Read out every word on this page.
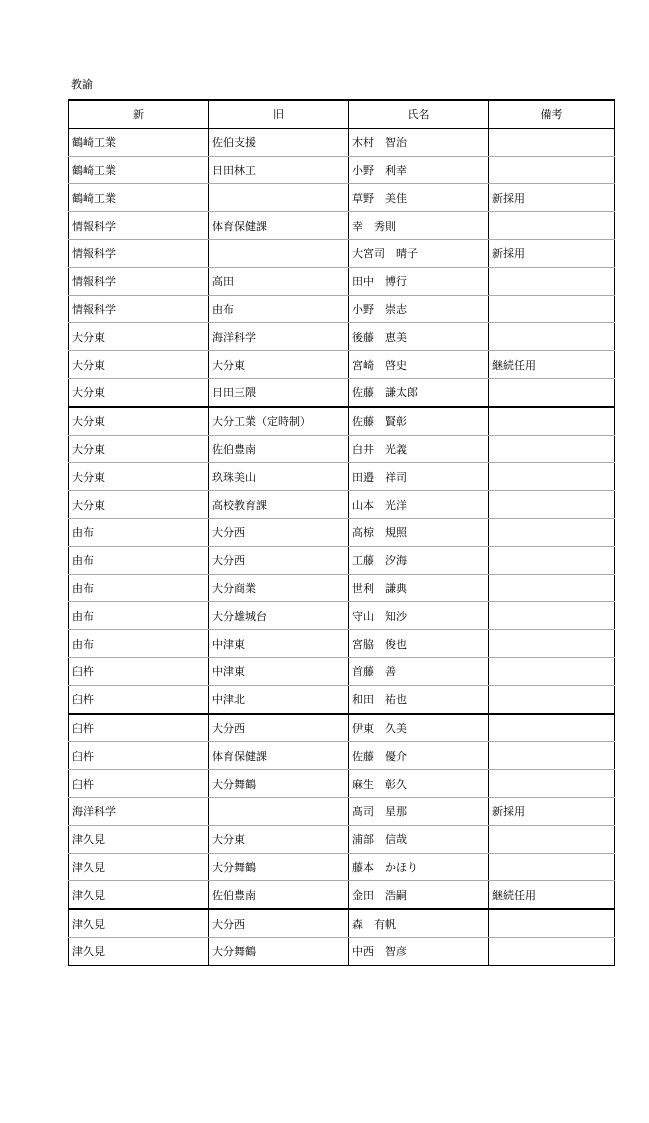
教諭
新	旧	氏名	備考
鶴崎工業	佐伯支援	木村　智治	
鶴崎工業	日田林工	小野　利幸	
鶴崎工業		草野　美佳	新採用
情報科学	体育保健課	幸　秀則	
情報科学		大宮司　晴子	新採用
情報科学	高田	田中　博行	
情報科学	由布	小野　崇志	
大分東	海洋科学	後藤　恵美	
大分東	大分東	宮崎　啓史	継続任用
大分東	日田三隈	佐藤　謙太郎	
大分東	大分工業（定時制）	佐藤　賢彰	
大分東	佐伯豊南	白井　光義	
大分東	玖珠美山	田邉　祥司	
大分東	高校教育課	山本　光洋	
由布	大分西	高椋　規照	
由布	大分西	工藤　汐海	
由布	大分商業	世利　謙典	
由布	大分雄城台	守山　知沙	
由布	中津東	宮脇　俊也	
臼杵	中津東	首藤　善	
臼杵	中津北	和田　祐也	
臼杵	大分西	伊東　久美	
臼杵	体育保健課	佐藤　優介	
臼杵	大分舞鶴	麻生　彰久	
海洋科学		髙司　星那	新採用
津久見	大分東	浦部　信哉	
津久見	大分舞鶴	藤本　かほり	
津久見	佐伯豊南	金田　浩嗣	継続任用
津久見	大分西	森　有帆	
津久見	大分舞鶴	中西　智彦	
